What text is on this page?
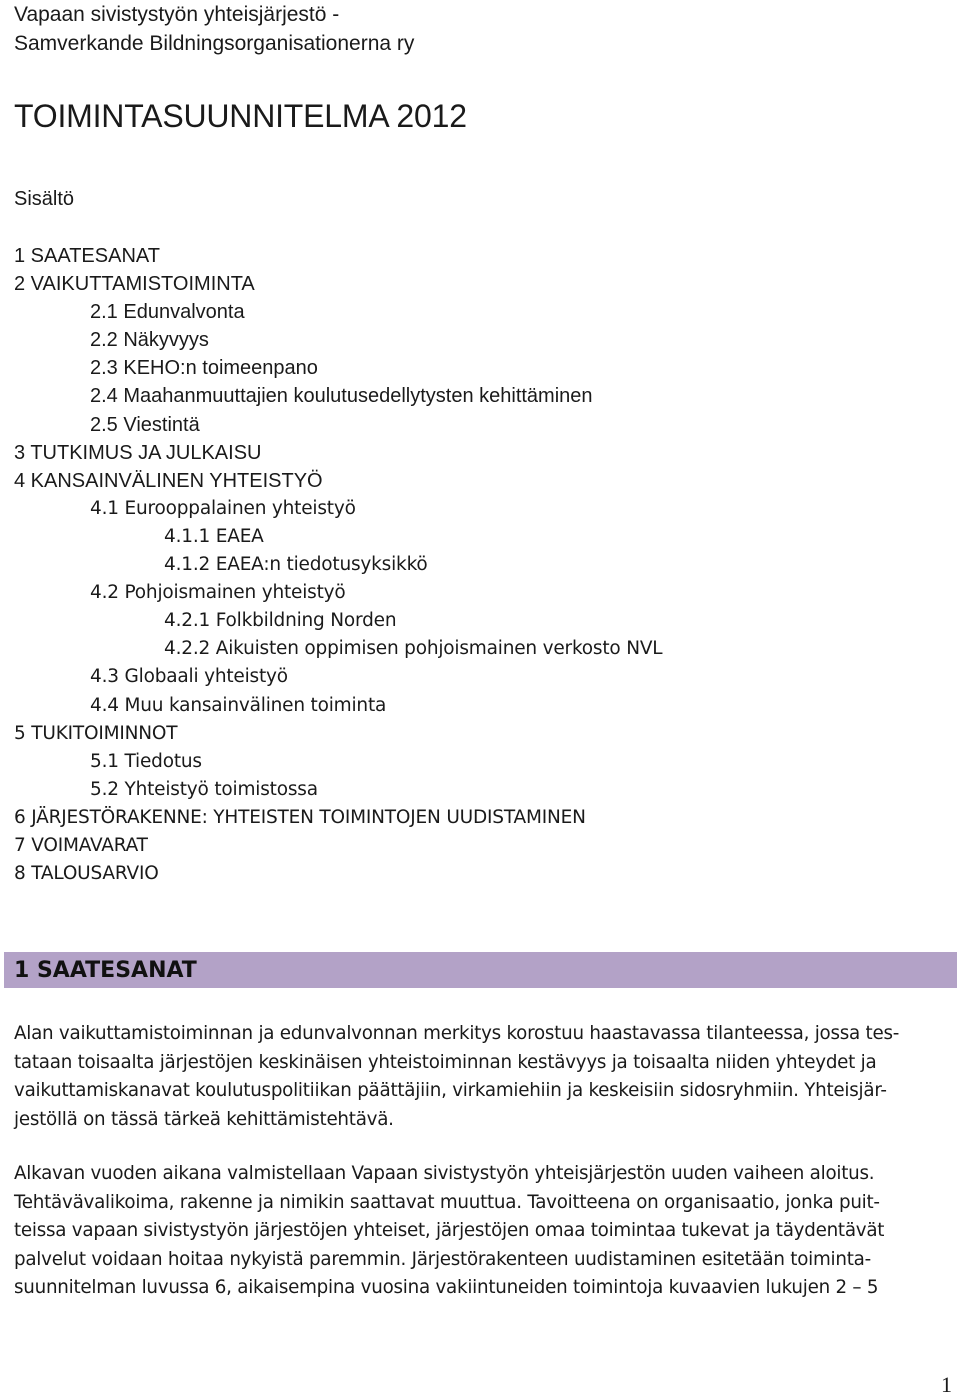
Vapaan sivistystyön yhteisjärjestö -
Samverkande Bildningsorganisationerna ry
TOIMINTASUUNNITELMA 2012
Sisältö
1 SAATESANAT
2 VAIKUTTAMISTOIMINTA
2.1 Edunvalvonta
2.2 Näkyvyys
2.3 KEHO:n toimeenpano
2.4 Maahanmuuttajien koulutusedellytysten kehittäminen
2.5 Viestintä
3 TUTKIMUS JA JULKAISU
4 KANSAINVÄLINEN YHTEISTYÖ
4.1 Eurooppalainen yhteistyö
4.1.1 EAEA
4.1.2 EAEA:n tiedotusyksikkö
4.2 Pohjoismainen yhteistyö
4.2.1 Folkbildning Norden
4.2.2 Aikuisten oppimisen pohjoismainen verkosto NVL
4.3 Globaali yhteistyö
4.4 Muu kansainvälinen toiminta
5 TUKITOIMINNOT
5.1 Tiedotus
5.2 Yhteistyö toimistossa
6 JÄRJESTÖRAKENNE: YHTEISTEN TOIMINTOJEN UUDISTAMINEN
7 VOIMAVARAT
8 TALOUSARVIO
1 SAATESANAT

Alan vaikuttamistoiminnan ja edunvalvonnan merkitys korostuu haastavassa tilanteessa, jossa tes-
tataan toisaalta järjestöjen keskinäisen yhteistoiminnan kestävyys ja toisaalta niiden yhteydet ja
vaikuttamiskanavat koulutuspolitiikan päättäjiin, virkamiehiin ja keskeisiin sidosryhmiin. Yhteisjär-
jestöllä on tässä tärkeä kehittämistehtävä.

Alkavan vuoden aikana valmistellaan Vapaan sivistystyön yhteisjärjestön uuden vaiheen aloitus.
Tehtävävalikoima, rakenne ja nimikin saattavat muuttua. Tavoitteena on organisaatio, jonka puit-
teissa vapaan sivistystyön järjestöjen yhteiset, järjestöjen omaa toimintaa tukevat ja täydentävät
palvelut voidaan hoitaa nykyistä paremmin. Järjestörakenteen uudistaminen esitetään toiminta-
suunnitelman luvussa 6, aikaisempina vuosina vakiintuneiden toimintoja kuvaavien lukujen 2 – 5

1
